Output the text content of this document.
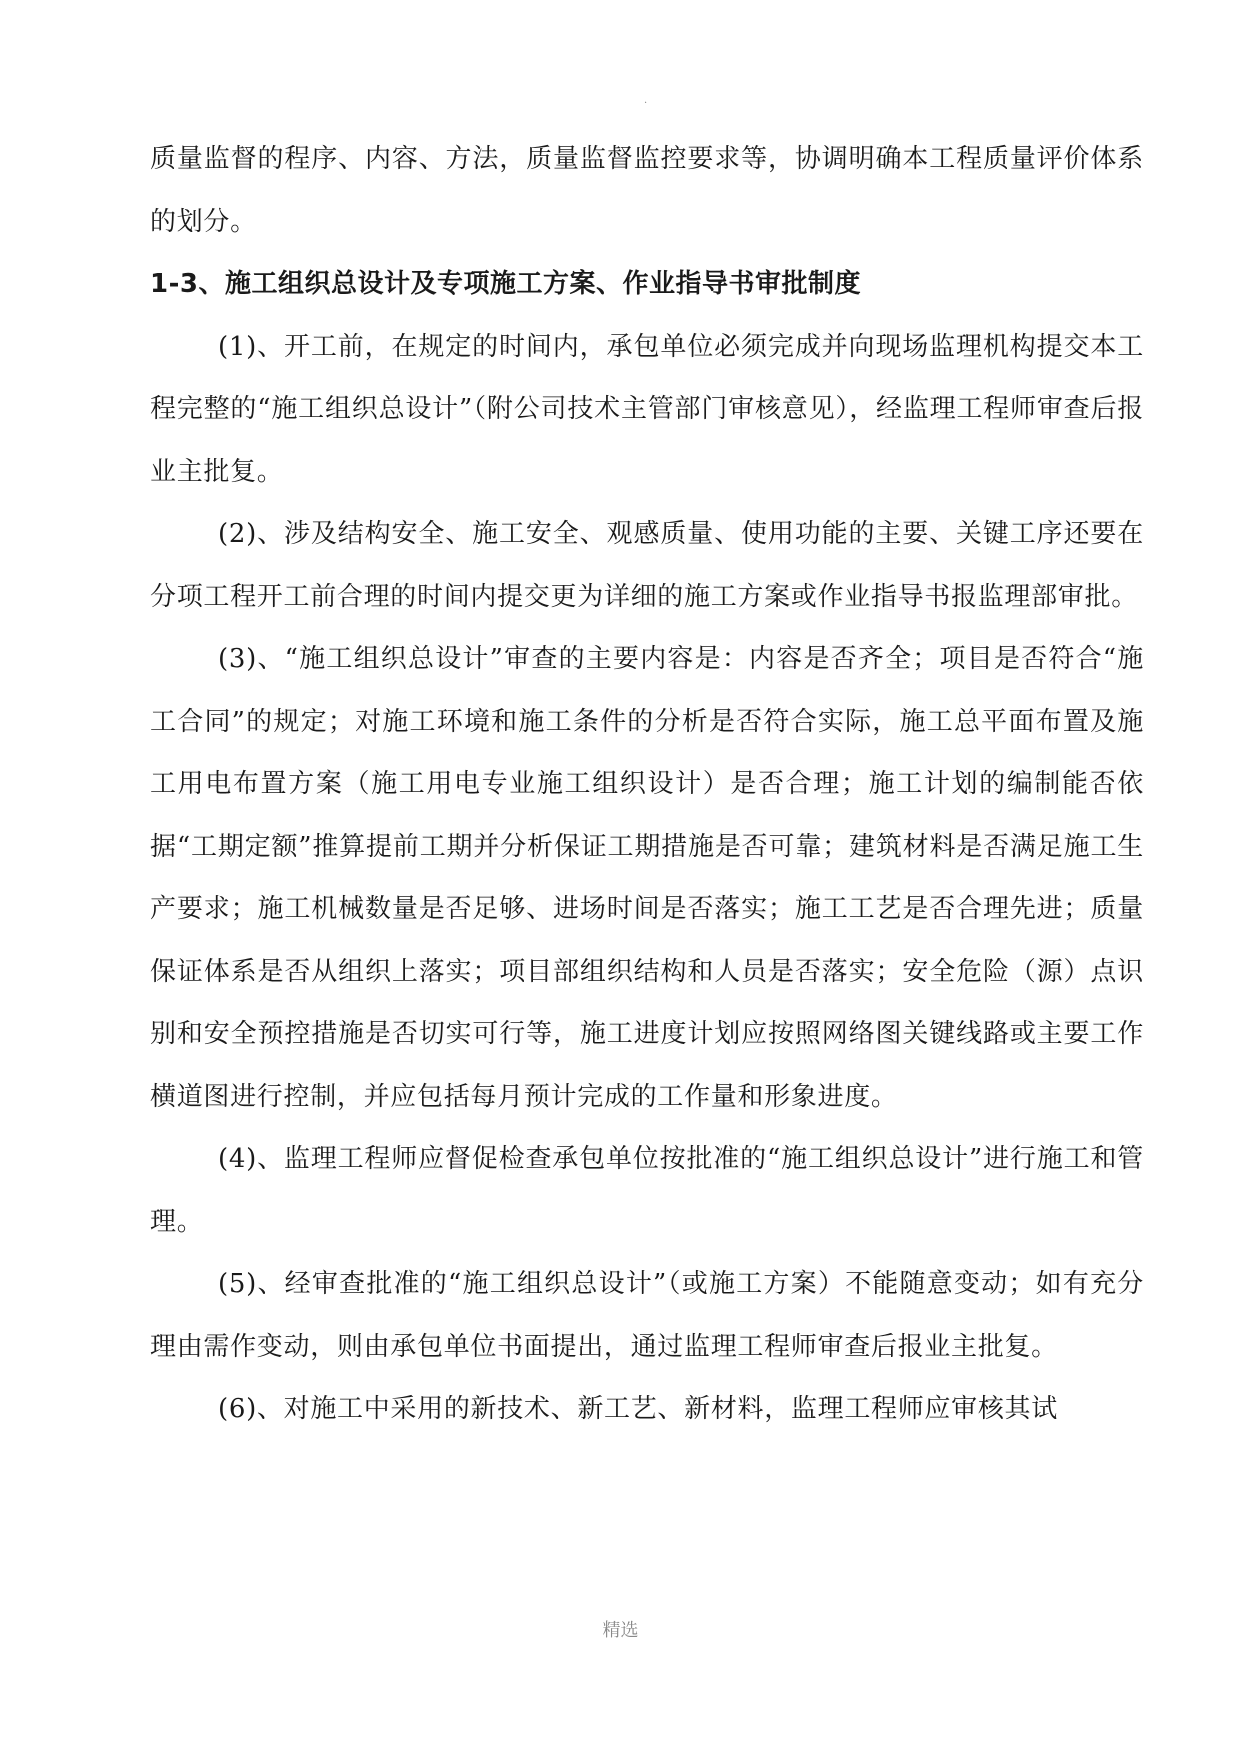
.

质量监督的程序、内容、方法，质量监督监控要求等，协调明确本工程质量评价体系的划分。

1-3、施工组织总设计及专项施工方案、作业指导书审批制度

(1)、开工前，在规定的时间内，承包单位必须完成并向现场监理机构提交本工程完整的“施工组织总设计”（附公司技术主管部门审核意见），经监理工程师审查后报业主批复。

(2)、涉及结构安全、施工安全、观感质量、使用功能的主要、关键工序还要在分项工程开工前合理的时间内提交更为详细的施工方案或作业指导书报监理部审批。

(3)、“施工组织总设计”审查的主要内容是：内容是否齐全；项目是否符合“施工合同”的规定；对施工环境和施工条件的分析是否符合实际，施工总平面布置及施工用电布置方案（施工用电专业施工组织设计）是否合理；施工计划的编制能否依据“工期定额”推算提前工期并分析保证工期措施是否可靠；建筑材料是否满足施工生产要求；施工机械数量是否足够、进场时间是否落实；施工工艺是否合理先进；质量保证体系是否从组织上落实；项目部组织结构和人员是否落实；安全危险（源）点识别和安全预控措施是否切实可行等，施工进度计划应按照网络图关键线路或主要工作横道图进行控制，并应包括每月预计完成的工作量和形象进度。

(4)、监理工程师应督促检查承包单位按批准的“施工组织总设计”进行施工和管理。

(5)、经审查批准的“施工组织总设计”（或施工方案）不能随意变动；如有充分理由需作变动，则由承包单位书面提出，通过监理工程师审查后报业主批复。

(6)、对施工中采用的新技术、新工艺、新材料，监理工程师应审核其试

精选
